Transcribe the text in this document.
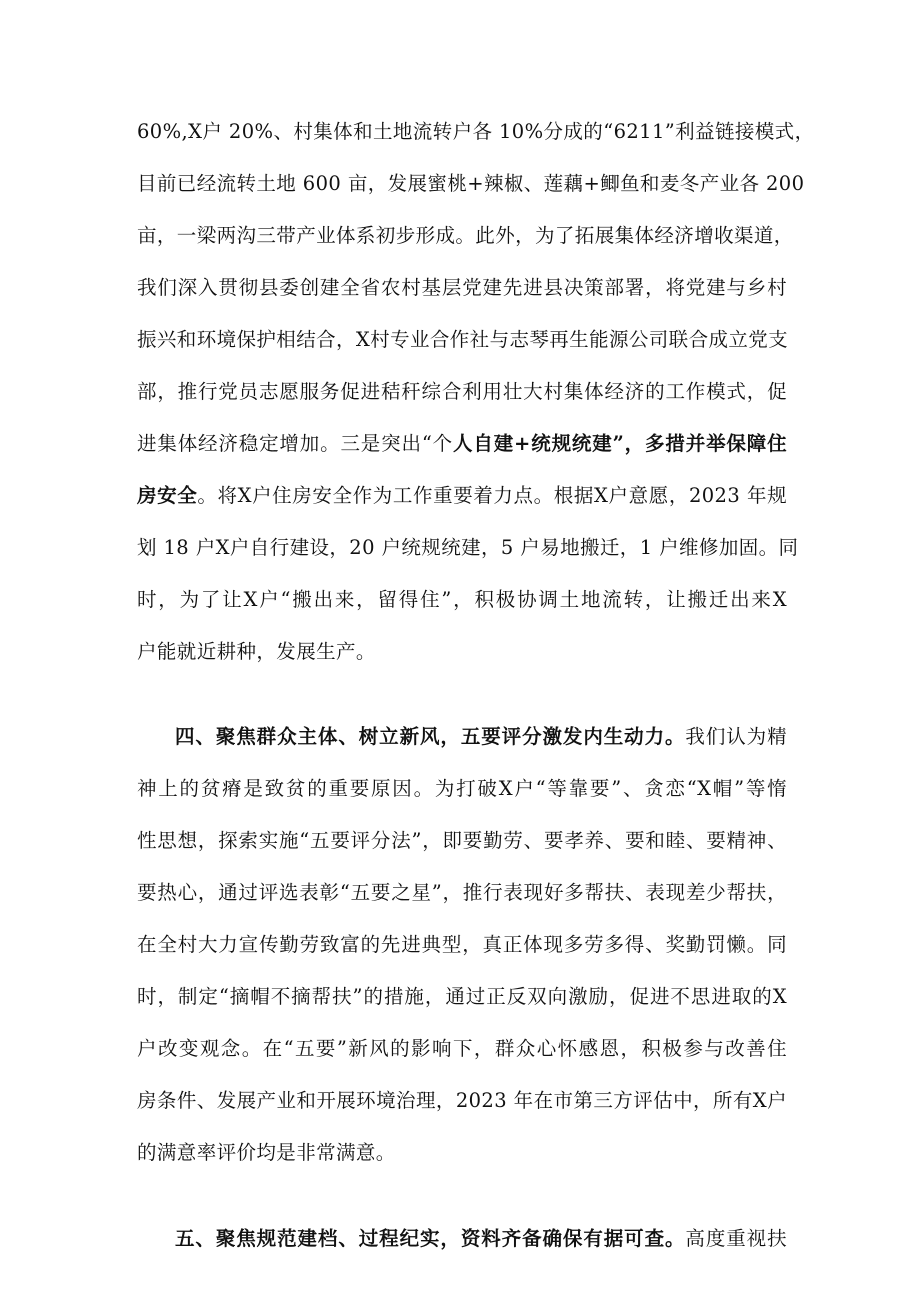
60%,X户 20%、村集体和土地流转户各 10%分成的“6211”利益链接模式，
目前已经流转土地 600 亩，发展蜜桃+辣椒、莲藕+鲫鱼和麦冬产业各 200
亩，一梁两沟三带产业体系初步形成。此外，为了拓展集体经济增收渠道，
我们深入贯彻县委创建全省农村基层党建先进县决策部署，将党建与乡村
振兴和环境保护相结合，X村专业合作社与志琴再生能源公司联合成立党支
部，推行党员志愿服务促进秸秆综合利用壮大村集体经济的工作模式，促
进集体经济稳定增加。三是突出“个人自建+统规统建”，多措并举保障住
房安全。将X户住房安全作为工作重要着力点。根据X户意愿，2023 年规
划 18 户X户自行建设，20 户统规统建，5 户易地搬迁，1 户维修加固。同
时，为了让X户“搬出来，留得住”，积极协调土地流转，让搬迁出来X
户能就近耕种，发展生产。
四、聚焦群众主体、树立新风，五要评分激发内生动力。我们认为精
神上的贫瘠是致贫的重要原因。为打破X户“等靠要”、贪恋“X帽”等惰
性思想，探索实施“五要评分法”，即要勤劳、要孝养、要和睦、要精神、
要热心，通过评选表彰“五要之星”，推行表现好多帮扶、表现差少帮扶，
在全村大力宣传勤劳致富的先进典型，真正体现多劳多得、奖勤罚懒。同
时，制定“摘帽不摘帮扶”的措施，通过正反双向激励，促进不思进取的X
户改变观念。在“五要”新风的影响下，群众心怀感恩，积极参与改善住
房条件、发展产业和开展环境治理，2023 年在市第三方评估中，所有X户
的满意率评价均是非常满意。
五、聚焦规范建档、过程纪实，资料齐备确保有据可查。高度重视扶
